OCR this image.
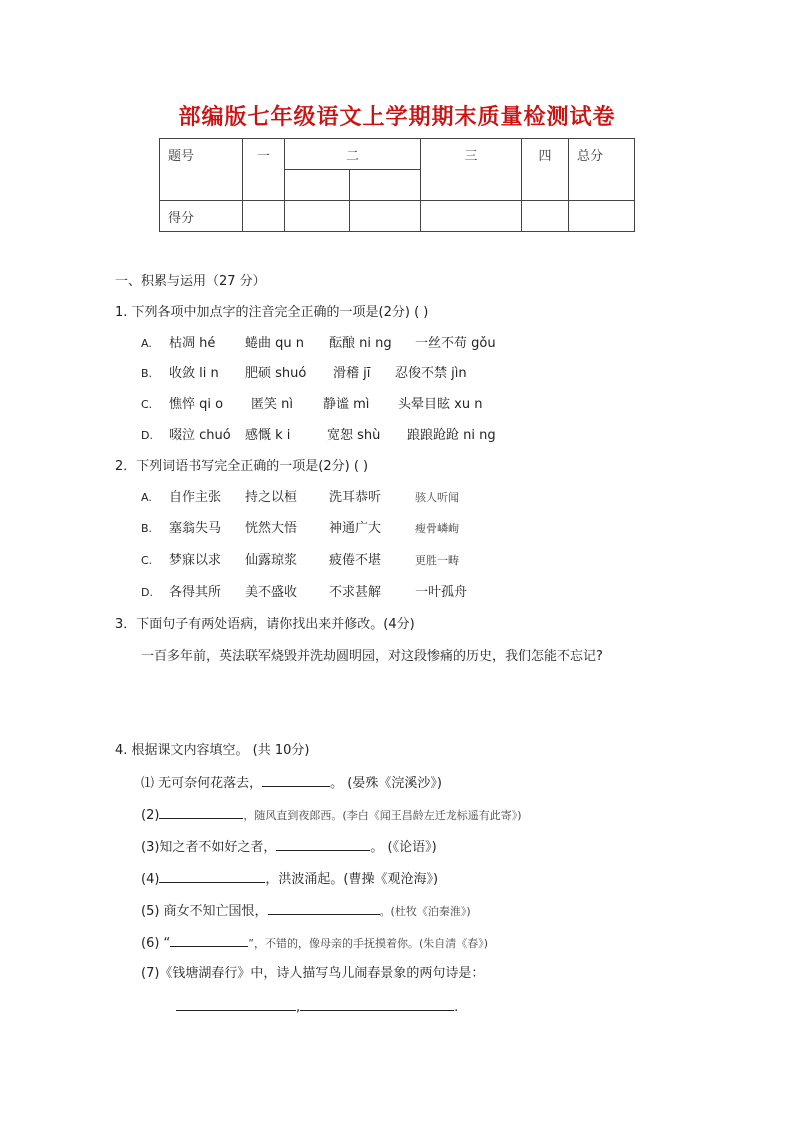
部编版七年级语文上学期期末质量检测试卷
题号	一	二		三	四	总分

得分						
一、积累与运用（27 分）
1. 下列各项中加点字的注音完全正确的一项是(2分) ( )
A. 枯凋 hé 蜷曲 qu n 酝酿 ni ng 一丝不苟 gǒu
B. 收敛 li n 肥硕 shuó 滑稽 jī 忍俊不禁 jìn
C. 憔悴 qi o 匿笑 nì 静谧 mì 头晕目眩 xu n
D. 啜泣 chuó 感慨 k i	宽恕 shù 踉踉跄跄 ni ng
2．下列词语书写完全正确的一项是(2分) ( )
A. 自作主张 持之以桓 洗耳恭听	骇人听闻
B. 塞翁失马 恍然大悟 神通广大	瘦骨嶙峋
C. 梦寐以求 仙露琼浆 疲倦不堪	更胜一畴
D. 各得其所 美不盛收 不求甚解	一叶孤舟
3．下面句子有两处语病，请你找出来并修改。(4分)
一百多年前，英法联军烧毁并洗劫圆明园，对这段惨痛的历史，我们怎能不忘记?
4. 根据课文内容填空。 (共 10分)
⑴ 无可奈何花落去，	。 (晏殊《浣溪沙》)
(2)	，随风直到夜郎西。(李白《闻王昌龄左迁龙标遥有此寄》)
(3)知之者不如好之者，	。 (《论语》)
(4)	，洪波涌起。(曹操《观沧海》)
(5) 商女不知亡国恨，	。(杜牧《泊秦淮》)
(6) “	”，不错的，像母亲的手抚摸着你。(朱自清《春》)
(7)《钱塘湖春行》中，诗人描写鸟儿闹春景象的两句诗是：
,	.
